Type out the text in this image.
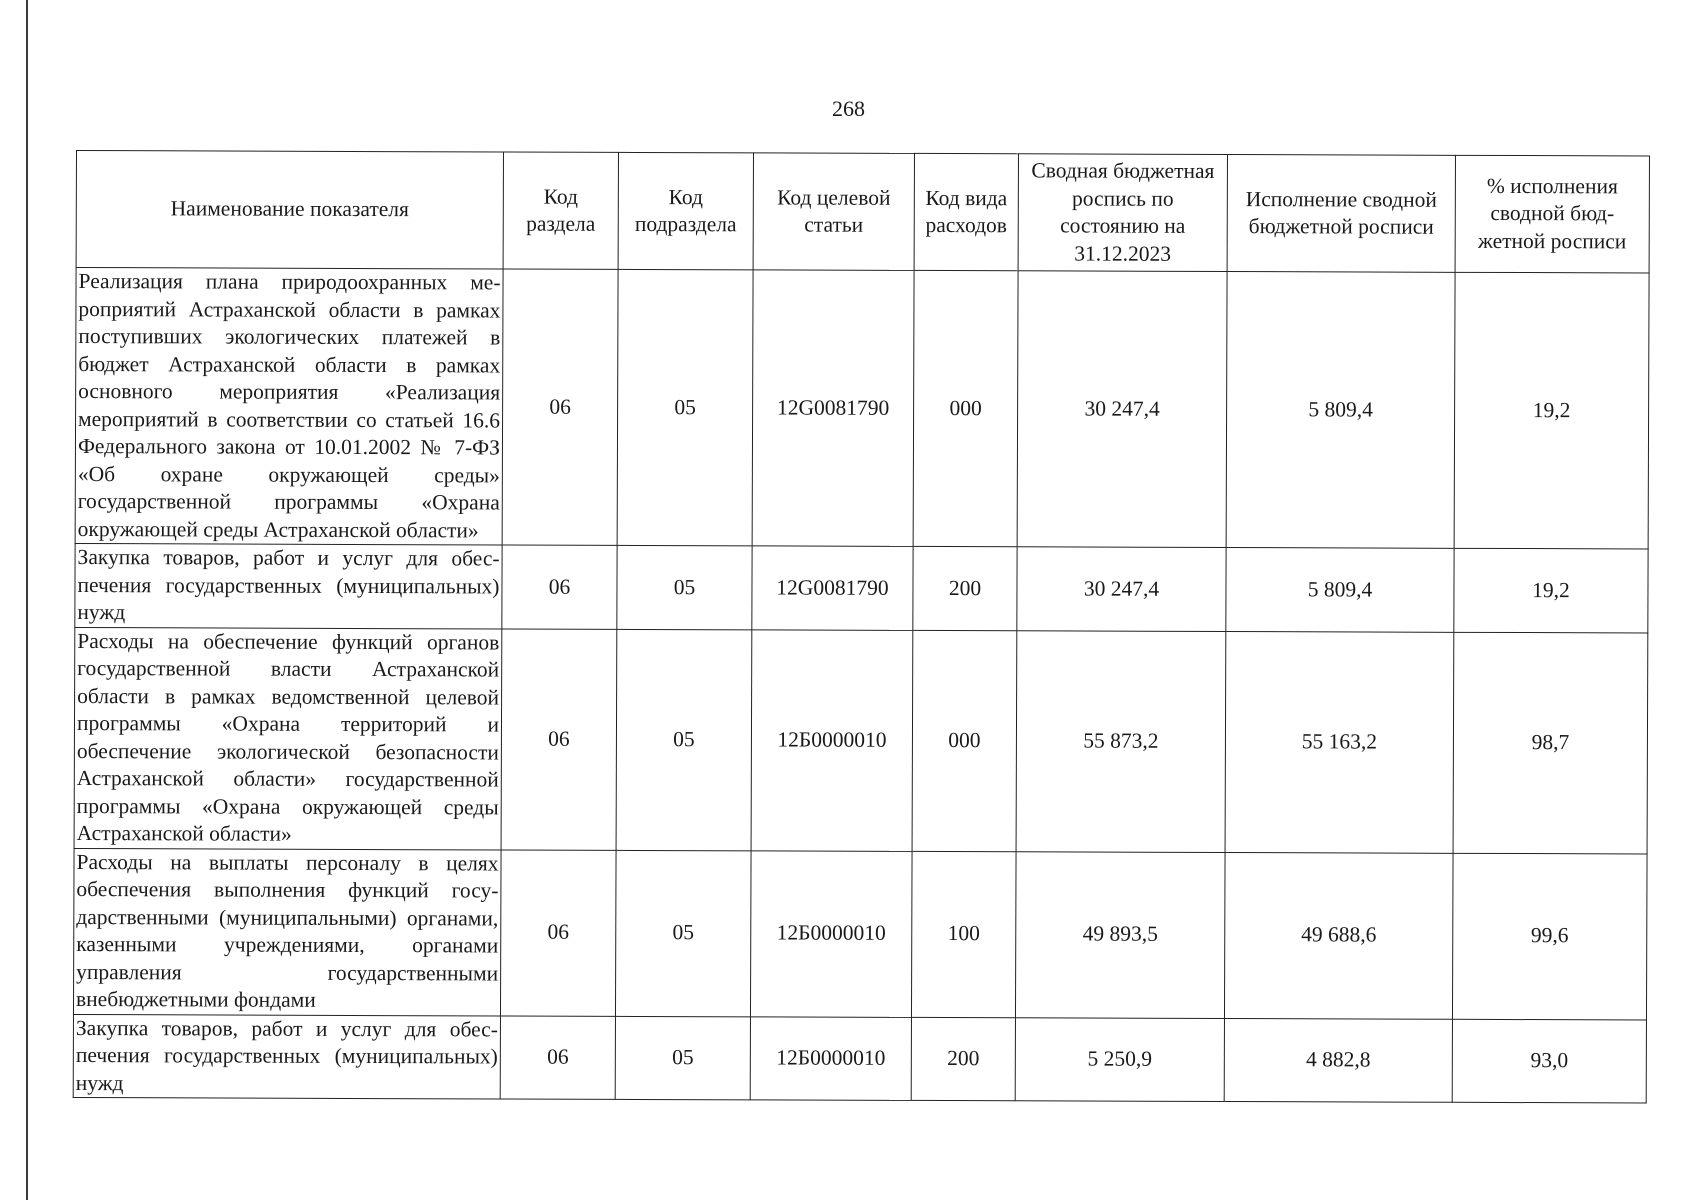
268
Наименование показателя	Код раздела	Код подраздела	Код целевой статьи	Код вида расходов	Сводная бюджетная роспись по состоянию на 31.12.2023	Исполнение сводной бюджетной росписи	% исполнения сводной бюд-жетной росписи
Реализация плана природоохранных мероприятий Астраханской области в рамках поступивших экологических платежей в бюджет Астраханской области в рамках основного мероприятия «Реализация мероприятий в соответствии со статьей 16.6 Федерального закона от 10.01.2002 № 7-ФЗ «Об охране окружающей среды» государственной программы «Охрана окружающей среды Астраханской области»	06	05	12G0081790	000	30 247,4	5 809,4	19,2
Закупка товаров, работ и услуг для обеспечения государственных (муниципальных) нужд	06	05	12G0081790	200	30 247,4	5 809,4	19,2
Расходы на обеспечение функций органов государственной власти Астраханской области в рамках ведомственной целевой программы «Охрана территорий и обеспечение экологической безопасности Астраханской области» государственной программы «Охрана окружающей среды Астраханской области»	06	05	12Б0000010	000	55 873,2	55 163,2	98,7
Расходы на выплаты персоналу в целях обеспечения выполнения функций государственными (муниципальными) органами, казенными учреждениями, органами управления государственными внебюджетными фондами	06	05	12Б0000010	100	49 893,5	49 688,6	99,6
Закупка товаров, работ и услуг для обеспечения государственных (муниципальных) нужд	06	05	12Б0000010	200	5 250,9	4 882,8	93,0
